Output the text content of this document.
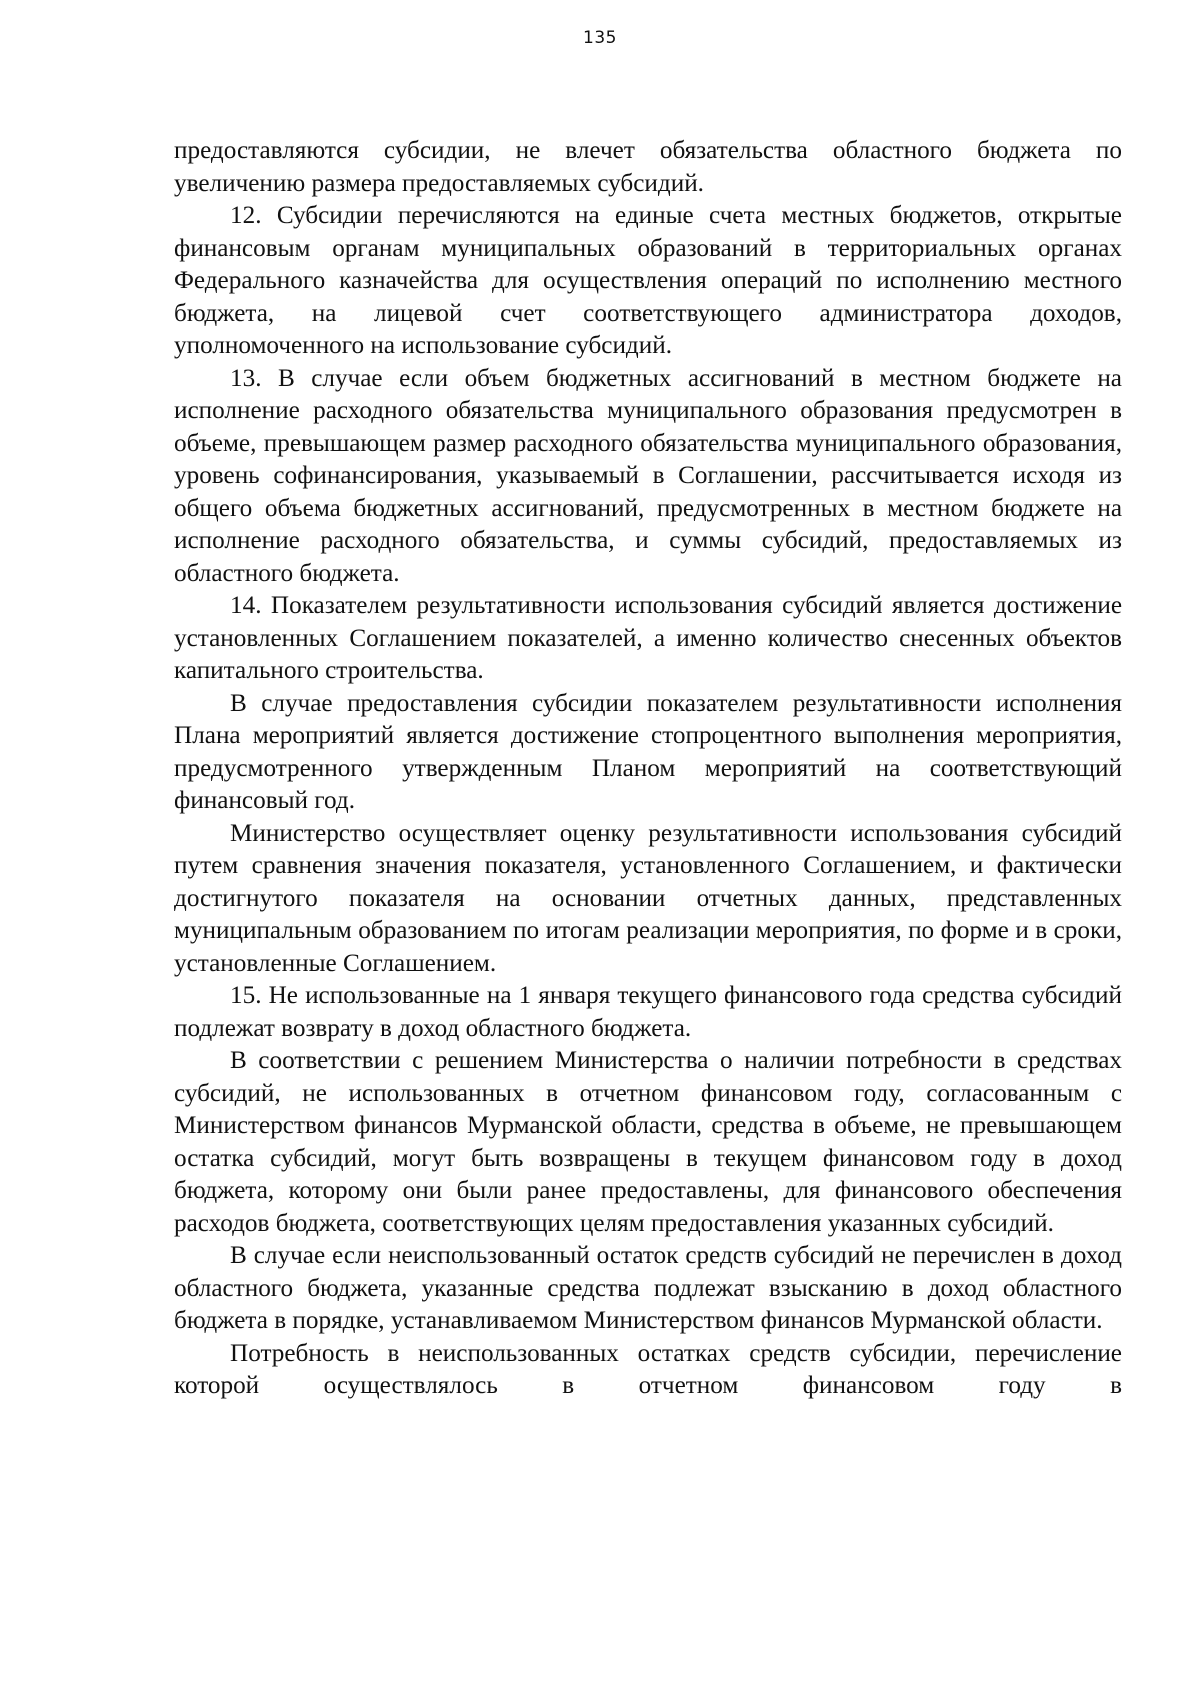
135

предоставляются субсидии, не влечет обязательства областного бюджета по увеличению размера предоставляемых субсидий.

12. Субсидии перечисляются на единые счета местных бюджетов, открытые финансовым органам муниципальных образований в территориальных органах Федерального казначейства для осуществления операций по исполнению местного бюджета, на лицевой счет соответствующего администратора доходов, уполномоченного на использование субсидий.

13. В случае если объем бюджетных ассигнований в местном бюджете на исполнение расходного обязательства муниципального образования предусмотрен в объеме, превышающем размер расходного обязательства муниципального образования, уровень софинансирования, указываемый в Соглашении, рассчитывается исходя из общего объема бюджетных ассигнований, предусмотренных в местном бюджете на исполнение расходного обязательства, и суммы субсидий, предоставляемых из областного бюджета.

14. Показателем результативности использования субсидий является достижение установленных Соглашением показателей, а именно количество снесенных объектов капитального строительства.

В случае предоставления субсидии показателем результативности исполнения Плана мероприятий является достижение стопроцентного выполнения мероприятия, предусмотренного утвержденным Планом мероприятий на соответствующий финансовый год.

Министерство осуществляет оценку результативности использования субсидий путем сравнения значения показателя, установленного Соглашением, и фактически достигнутого показателя на основании отчетных данных, представленных муниципальным образованием по итогам реализации мероприятия, по форме и в сроки, установленные Соглашением.

15. Не использованные на 1 января текущего финансового года средства субсидий подлежат возврату в доход областного бюджета.

В соответствии с решением Министерства о наличии потребности в средствах субсидий, не использованных в отчетном финансовом году, согласованным с Министерством финансов Мурманской области, средства в объеме, не превышающем остатка субсидий, могут быть возвращены в текущем финансовом году в доход бюджета, которому они были ранее предоставлены, для финансового обеспечения расходов бюджета, соответствующих целям предоставления указанных субсидий.

В случае если неиспользованный остаток средств субсидий не перечислен в доход областного бюджета, указанные средства подлежат взысканию в доход областного бюджета в порядке, устанавливаемом Министерством финансов Мурманской области.

Потребность в неиспользованных остатках средств субсидии, перечисление которой осуществлялось в отчетном финансовом году в
